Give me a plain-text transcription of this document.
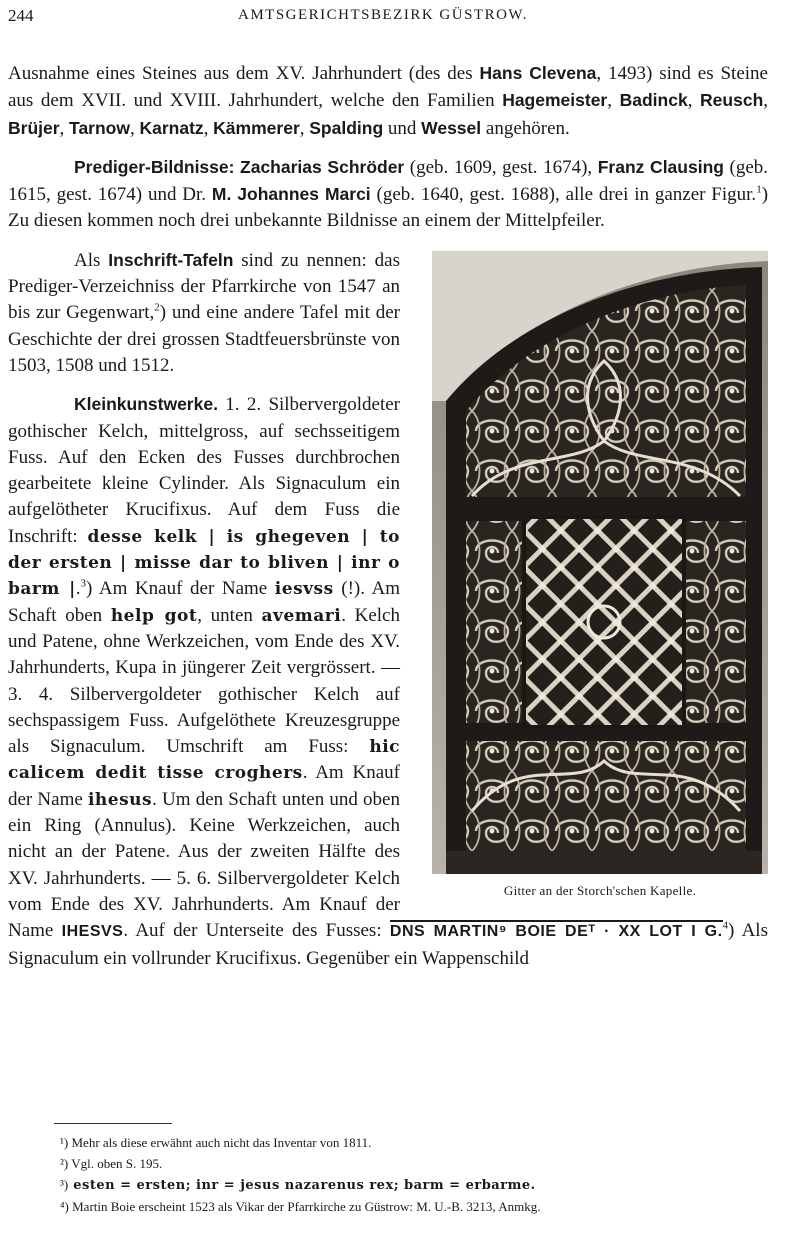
244	AMTSGERICHTSBEZIRK GÜSTROW.

Ausnahme eines Steines aus dem XV. Jahrhundert (des des Hans Clevena, 1493) sind es Steine aus dem XVII. und XVIII. Jahrhundert, welche den Familien Hagemeister, Badinck, Reusch, Brüjer, Tarnow, Karnatz, Kämmerer, Spalding und Wessel angehören.

Prediger-Bildnisse: Zacharias Schröder (geb. 1609, gest. 1674), Franz Clausing (geb. 1615, gest. 1674) und Dr. M. Johannes Marci (geb. 1640, gest. 1688), alle drei in ganzer Figur.$^1$) Zu diesen kommen noch drei unbekannte Bildnisse an einem der Mittelpfeiler.

Gitter an der Storch'schen Kapelle.

Als Inschrift-Tafeln sind zu nennen: das Prediger-Verzeichniss der Pfarrkirche von 1547 an bis zur Gegenwart,$^2$) und eine andere Tafel mit der Geschichte der drei grossen Stadtfeuersbrünste von 1503, 1508 und 1512.

Kleinkunstwerke. 1. 2. Silbervergoldeter gothischer Kelch, mittelgross, auf sechsseitigem Fuss. Auf den Ecken des Fusses durchbrochen gearbeitete kleine Cylinder. Als Signaculum ein aufgelötheter Krucifixus. Auf dem Fuss die Inschrift: desse kelk | is ghegeven | to der ersten | misse dar to bliven | inr o barm |.$^3$) Am Knauf der Name iesvss (!). Am Schaft oben help got, unten avemari. Kelch und Patene, ohne Werkzeichen, vom Ende des XV. Jahrhunderts, Kupa in jüngerer Zeit vergrössert. — 3. 4. Silbervergoldeter gothischer Kelch auf sechspassigem Fuss. Aufgelöthete Kreuzesgruppe als Signaculum. Umschrift am Fuss: hic calicem dedit tisse croghers. Am Knauf der Name ihesus. Um den Schaft unten und oben ein Ring (Annulus). Keine Werkzeichen, auch nicht an der Patene. Aus der zweiten Hälfte des XV. Jahrhunderts. — 5. 6. Silbervergoldeter Kelch vom Ende des XV. Jahrhunderts. Am Knauf der Name IHESVS. Auf der Unterseite des Fusses: DNS MARTIN⁹ BOIE DEᵀ · XX LOT I G.$^4$) Als Signaculum ein vollrunder Krucifixus. Gegenüber ein Wappenschild

¹) Mehr als diese erwähnt auch nicht das Inventar von 1811.
²) Vgl. oben S. 195.
³) esten = ersten; inr = jesus nazarenus rex; barm = erbarme.
⁴) Martin Boie erscheint 1523 als Vikar der Pfarrkirche zu Güstrow: M. U.-B. 3213, Anmkg.
